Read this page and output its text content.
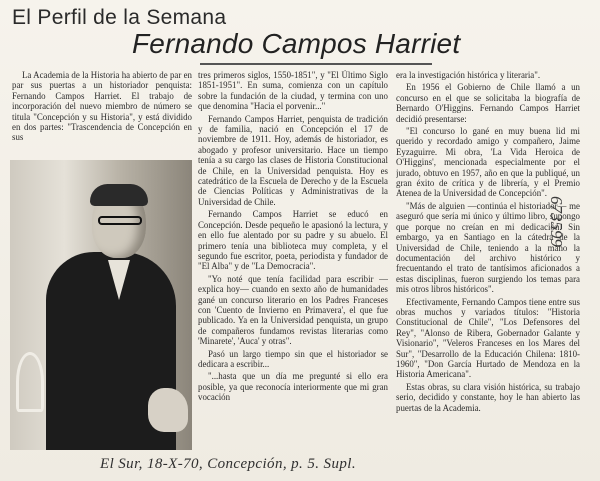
El Perfil de la Semana
Fernando Campos Harriet

La Academia de la Historia ha abierto de par en par sus puertas a un historiador penquista: Fernando Campos Harriet. El trabajo de incorporación del nuevo miembro de número se titula "Concepción y su Historia", y está dividido en dos partes: "Trascendencia de Concepción en sus

tres primeros siglos, 1550-1851", y "El Último Siglo 1851-1951". En suma, comienza con un capítulo sobre la fundación de la ciudad, y termina con uno que denomina "Hacia el porvenir..."

Fernando Campos Harriet, penquista de tradición y de familia, nació en Concepción el 17 de noviembre de 1911. Hoy, además de historiador, es abogado y profesor universitario. Hace un tiempo tenía a su cargo las clases de Historia Constitucional de Chile, en la Universidad penquista. Hoy es catedrático de la Escuela de Derecho y de la Escuela de Ciencias Políticas y Administrativas de la Universidad de Chile.

Fernando Campos Harriet se educó en Concepción. Desde pequeño le apasionó la lectura, y en ello fue alentado por su padre y su abuelo. El primero tenía una biblioteca muy completa, y el segundo fue escritor, poeta, periodista y fundador de "El Alba" y de "La Democracia".

"Yo noté que tenía facilidad para escribir —explica hoy— cuando en sexto año de humanidades gané un concurso literario en los Padres Franceses con 'Cuento de Invierno en Primavera', el que fue publicado. Ya en la Universidad penquista, un grupo de compañeros fundamos revistas literarias como 'Minarete', 'Auca' y otras".

Pasó un largo tiempo sin que el historiador se dedicara a escribir...

"...hasta que un día me pregunté si ello era posible, ya que reconocía interiormente que mi gran vocación

era la investigación histórica y literaria".

En 1956 el Gobierno de Chile llamó a un concurso en el que se solicitaba la biografía de Bernardo O'Higgins. Fernando Campos Harriet decidió presentarse:

"El concurso lo gané en muy buena lid mi querido y recordado amigo y compañero, Jaime Eyzaguirre. Mi obra, 'La Vida Heroica de O'Higgins', mencionada especialmente por el jurado, obtuvo en 1957, año en que la publiqué, un gran éxito de crítica y de librería, y el Premio Atenea de la Universidad de Concepción".

"Más de alguien —continúa el historiador— me aseguró que sería mi único y último libro, supongo que porque no creían en mi dedicación. Sin embargo, ya en Santiago en la cátedra de la Universidad de Chile, teniendo a la mano la documentación del archivo histórico y frecuentando el trato de tantísimos aficionados a estas disciplinas, fueron surgiendo los temas para mis otros libros históricos".

Efectivamente, Fernando Campos tiene entre sus obras muchos y variados títulos: "Historia Constitucional de Chile", "Los Defensores del Rey", "Alonso de Ribera, Gobernador Galante y Visionario", "Veleros Franceses en los Mares del Sur", "Desarrollo de la Educación Chilena: 1810-1960", "Don García Hurtado de Mendoza en la Historia Americana".

Estas obras, su clara visión histórica, su trabajo serio, decidido y constante, hoy le han abierto las puertas de la Academia.

673599
El Sur, 18-X-70, Concepción, p. 5. Supl.
